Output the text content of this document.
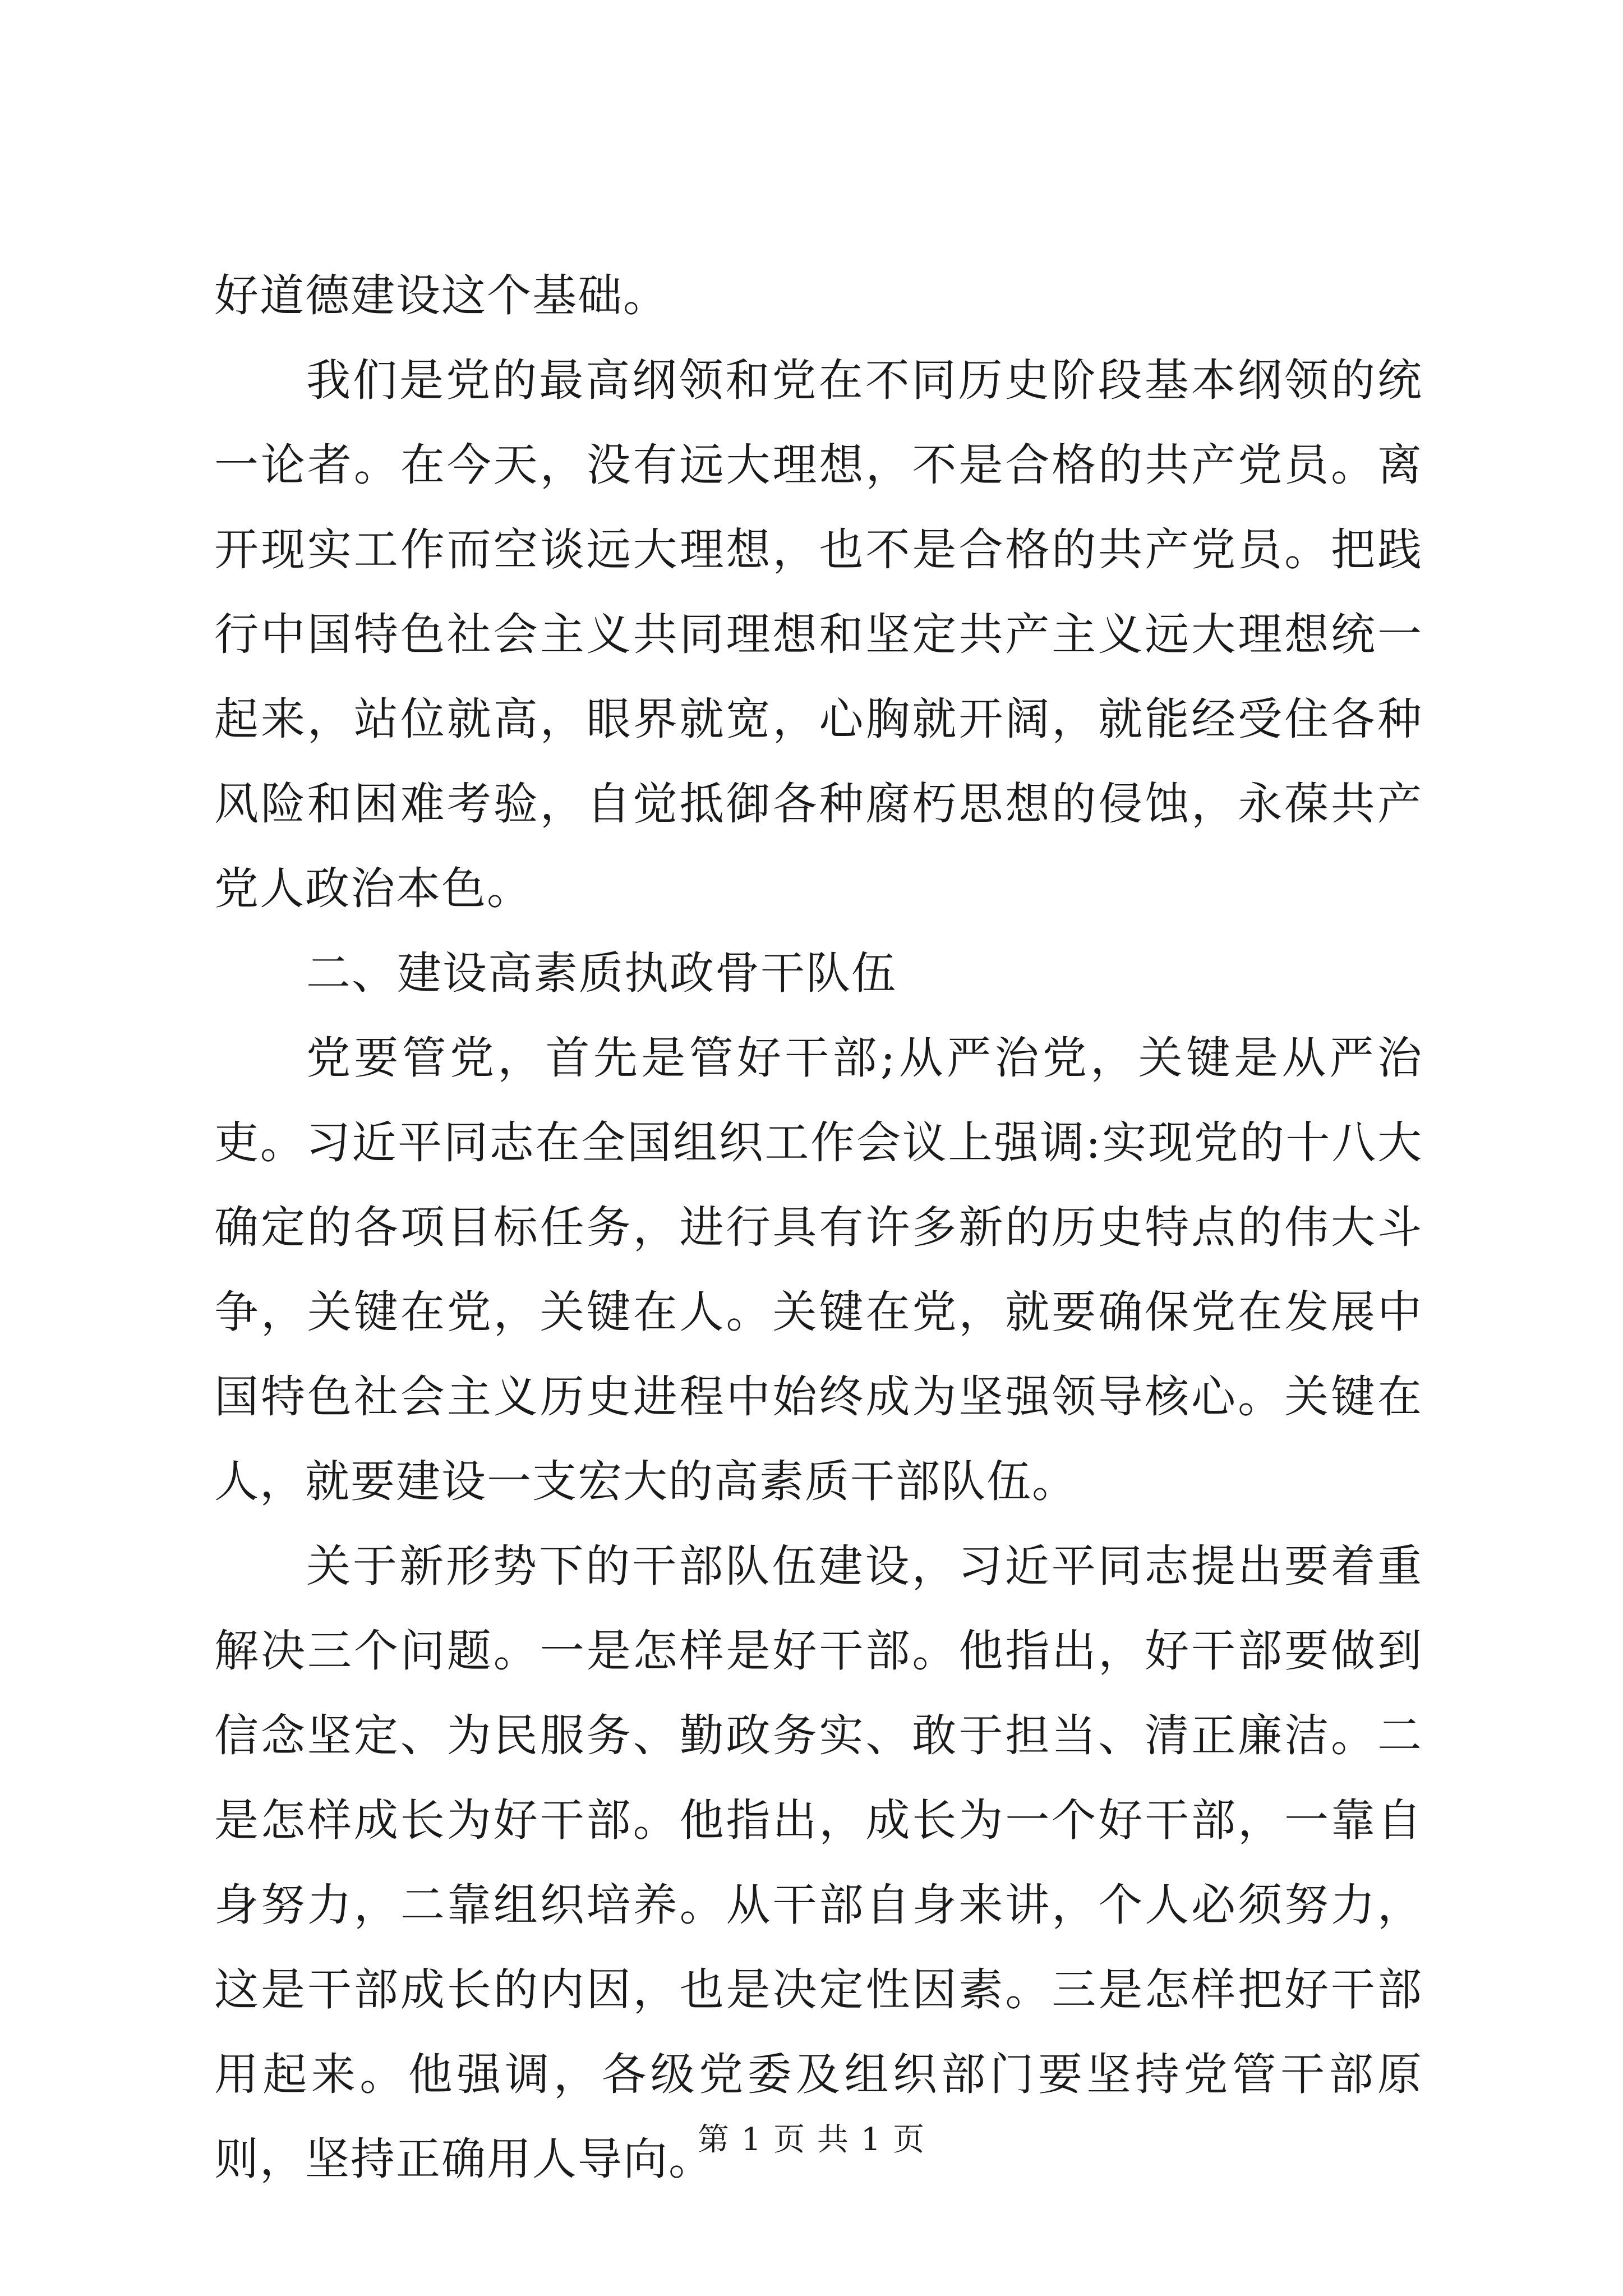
好道德建设这个基础。

我们是党的最高纲领和党在不同历史阶段基本纲领的统一论者。在今天，没有远大理想，不是合格的共产党员。离开现实工作而空谈远大理想，也不是合格的共产党员。把践行中国特色社会主义共同理想和坚定共产主义远大理想统一起来，站位就高，眼界就宽，心胸就开阔，就能经受住各种风险和困难考验，自觉抵御各种腐朽思想的侵蚀，永葆共产党人政治本色。

二、建设高素质执政骨干队伍

党要管党，首先是管好干部;从严治党，关键是从严治吏。习近平同志在全国组织工作会议上强调:实现党的十八大确定的各项目标任务，进行具有许多新的历史特点的伟大斗争，关键在党，关键在人。关键在党，就要确保党在发展中国特色社会主义历史进程中始终成为坚强领导核心。关键在人，就要建设一支宏大的高素质干部队伍。

关于新形势下的干部队伍建设，习近平同志提出要着重解决三个问题。一是怎样是好干部。他指出，好干部要做到信念坚定、为民服务、勤政务实、敢于担当、清正廉洁。二是怎样成长为好干部。他指出，成长为一个好干部，一靠自身努力，二靠组织培养。从干部自身来讲，个人必须努力，这是干部成长的内因，也是决定性因素。三是怎样把好干部用起来。他强调，各级党委及组织部门要坚持党管干部原则，坚持正确用人导向。

第 1 页 共 1 页
